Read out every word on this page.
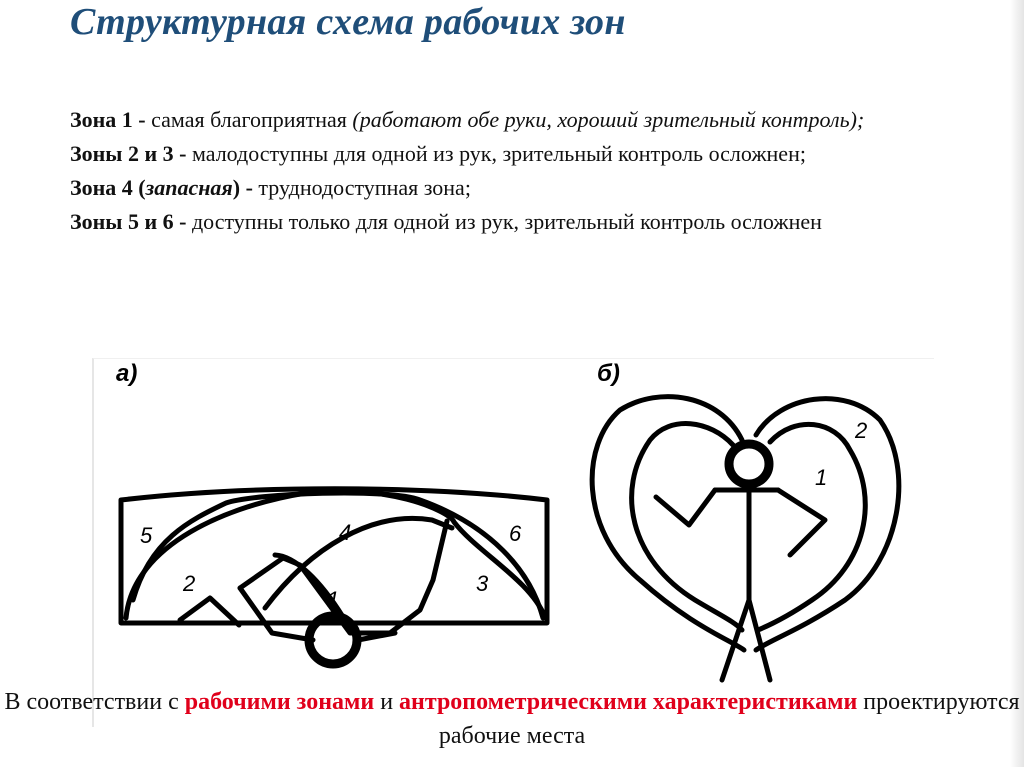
Структурная схема рабочих зон

Зона 1 - самая благоприятная (работают обе руки, хороший зрительный контроль);

Зоны 2 и 3 - малодоступны для одной из рук, зрительный контроль осложнен;

Зона 4 (запасная) - труднодоступная зона;

Зоны 5 и 6 - доступны только для одной из рук, зрительный контроль осложнен

а)
5	4	6
2	3
1
б)
2
1
В соответствии с рабочими зонами и антропометрическими характеристиками проектируются рабочие места
